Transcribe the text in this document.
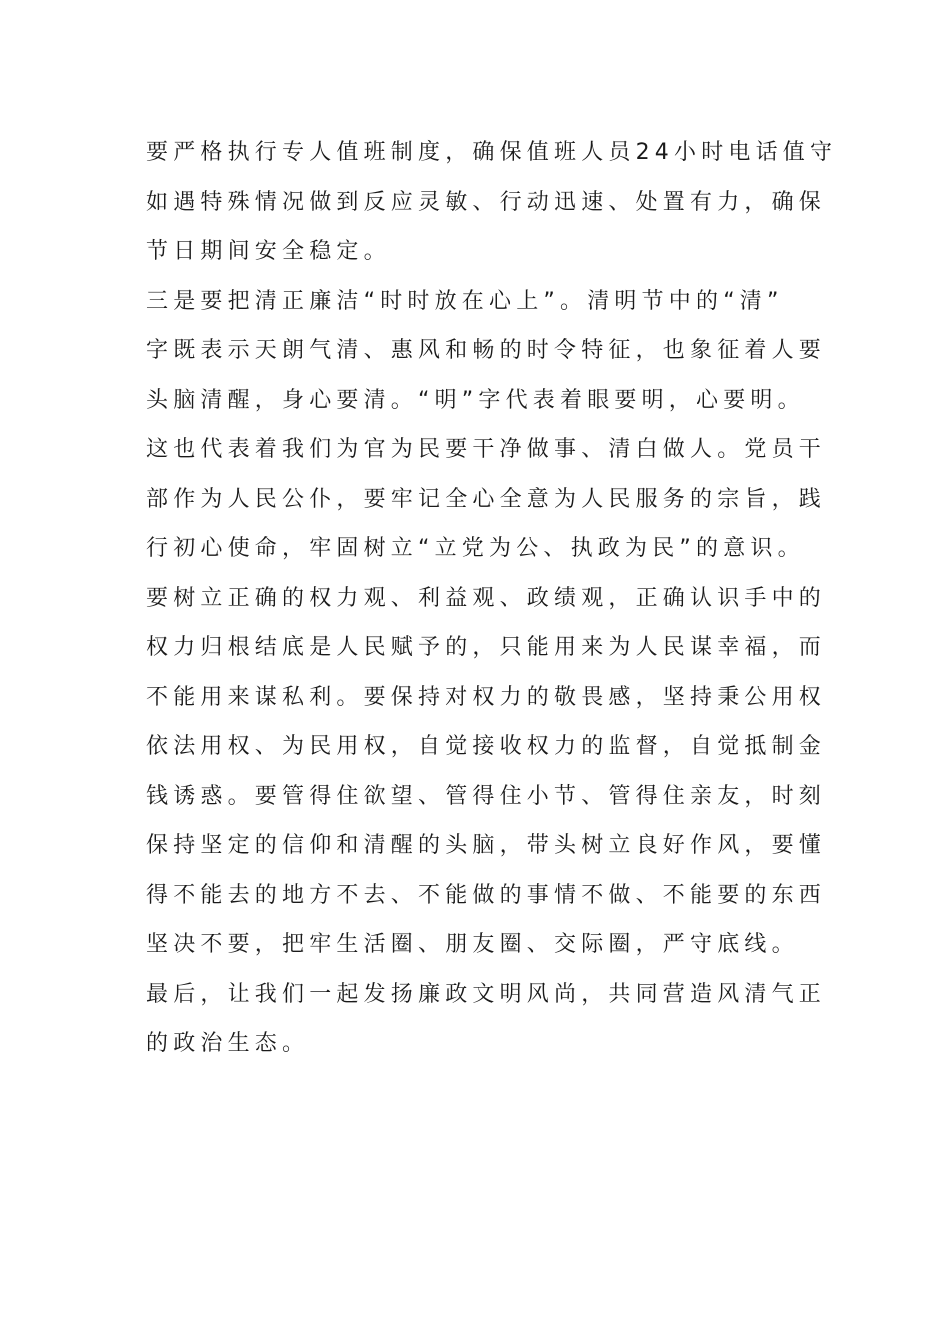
要严格执行专人值班制度，确保值班人员24小时电话值守
如遇特殊情况做到反应灵敏、行动迅速、处置有力，确保
节日期间安全稳定。
三是要把清正廉洁“时时放在心上”。清明节中的“清”
字既表示天朗气清、惠风和畅的时令特征，也象征着人要
头脑清醒，身心要清。“明”字代表着眼要明，心要明。
这也代表着我们为官为民要干净做事、清白做人。党员干
部作为人民公仆，要牢记全心全意为人民服务的宗旨，践
行初心使命，牢固树立“立党为公、执政为民”的意识。
要树立正确的权力观、利益观、政绩观，正确认识手中的
权力归根结底是人民赋予的，只能用来为人民谋幸福，而
不能用来谋私利。要保持对权力的敬畏感，坚持秉公用权
依法用权、为民用权，自觉接收权力的监督，自觉抵制金
钱诱惑。要管得住欲望、管得住小节、管得住亲友，时刻
保持坚定的信仰和清醒的头脑，带头树立良好作风，要懂
得不能去的地方不去、不能做的事情不做、不能要的东西
坚决不要，把牢生活圈、朋友圈、交际圈，严守底线。
最后，让我们一起发扬廉政文明风尚，共同营造风清气正
的政治生态。
